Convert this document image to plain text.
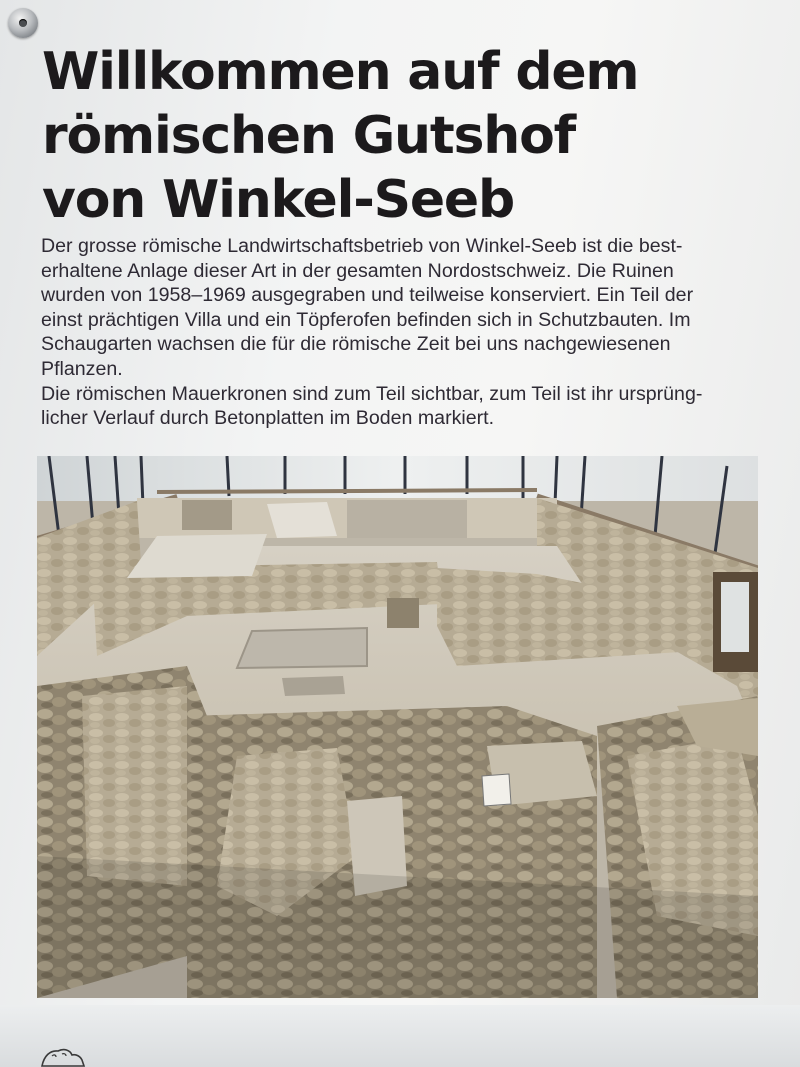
Willkommen auf dem
römischen Gutshof
von Winkel-Seeb

Der grosse römische Landwirtschaftsbetrieb von Winkel-Seeb ist die best-
erhaltene Anlage dieser Art in der gesamten Nordostschweiz. Die Ruinen
wurden von 1958–1969 ausgegraben und teilweise konserviert. Ein Teil der
einst prächtigen Villa und ein Töpferofen befinden sich in Schutzbauten. Im
Schaugarten wachsen die für die römische Zeit bei uns nachgewiesenen
Pflanzen.

Die römischen Mauerkronen sind zum Teil sichtbar, zum Teil ist ihr ursprüng-
licher Verlauf durch Betonplatten im Boden markiert.
